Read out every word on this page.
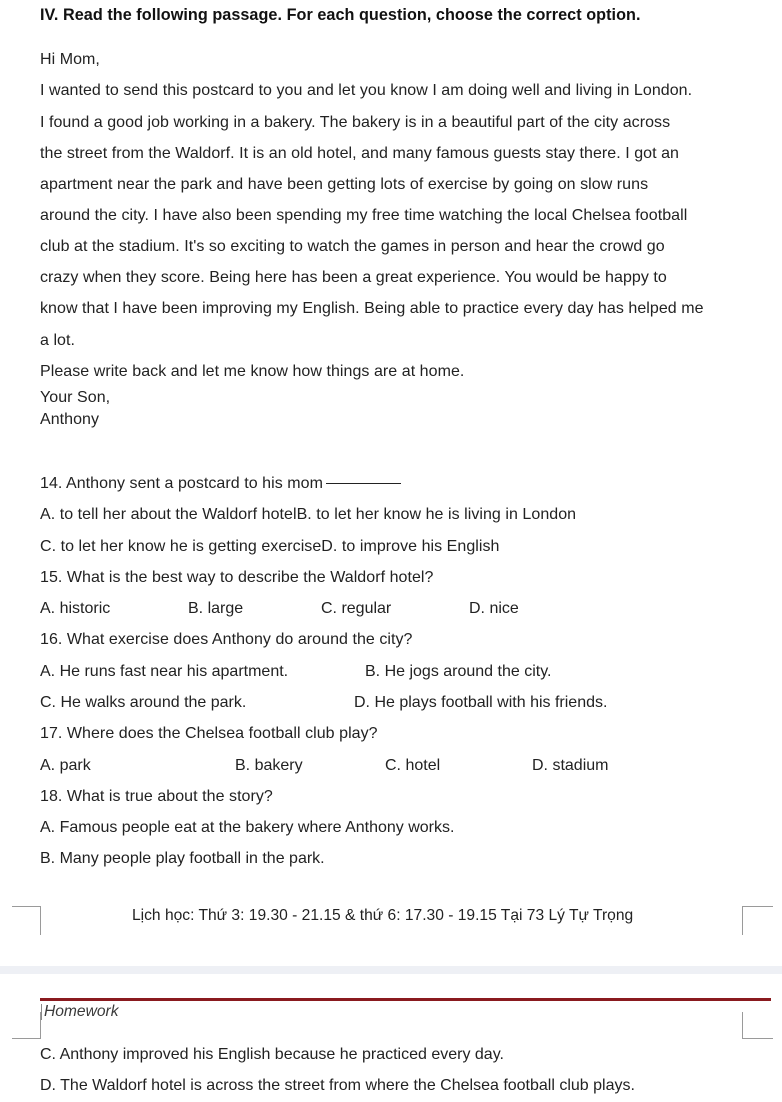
IV. Read the following passage. For each question, choose the correct option.
Hi Mom,
I wanted to send this postcard to you and let you know I am doing well and living in London.
I found a good job working in a bakery. The bakery is in a beautiful part of the city across
the street from the Waldorf. It is an old hotel, and many famous guests stay there. I got an
apartment near the park and have been getting lots of exercise by going on slow runs
around the city. I have also been spending my free time watching the local Chelsea football
club at the stadium. It's so exciting to watch the games in person and hear the crowd go
crazy when they score. Being here has been a great experience. You would be happy to
know that I have been improving my English. Being able to practice every day has helped me
a lot.
Please write back and let me know how things are at home.
Your Son,
Anthony
14. Anthony sent a postcard to his mom
A. to tell her about the Waldorf hotelB. to let her know he is living in London
C. to let her know he is getting exerciseD. to improve his English
15. What is the best way to describe the Waldorf hotel?
A. historic	B. large	C. regular	D. nice
16. What exercise does Anthony do around the city?
A. He runs fast near his apartment.	B. He jogs around the city.
C. He walks around the park.	D. He plays football with his friends.
17. Where does the Chelsea football club play?
A. park	B. bakery	C. hotel	D. stadium
18. What is true about the story?
A. Famous people eat at the bakery where Anthony works.
B. Many people play football in the park.
Lịch học: Thứ 3: 19.30 - 21.15 & thứ 6: 17.30 - 19.15 Tại 73 Lý Tự Trọng
Homework
C. Anthony improved his English because he practiced every day.
D. The Waldorf hotel is across the street from where the Chelsea football club plays.
